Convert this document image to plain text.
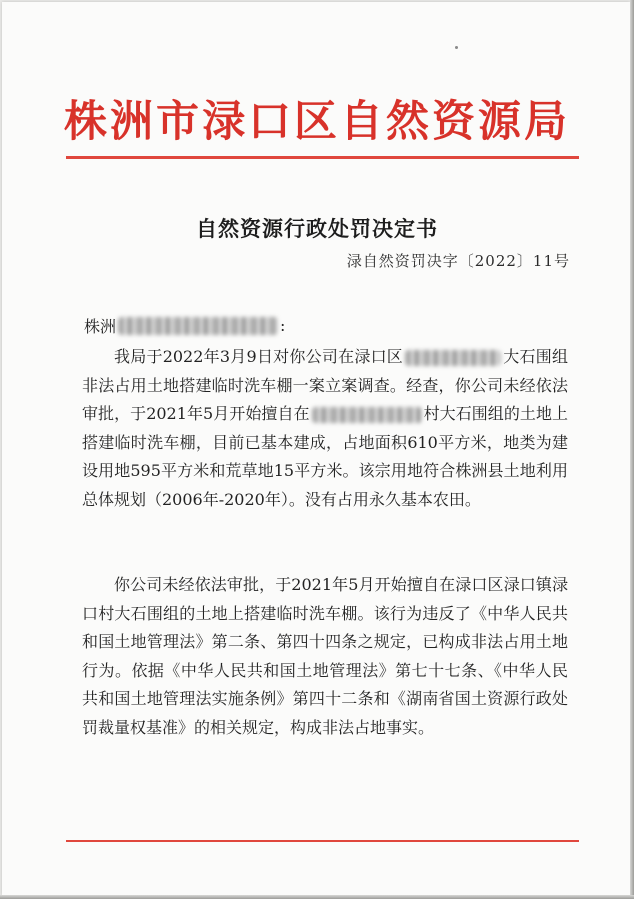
株洲市渌口区自然资源局
自然资源行政处罚决定书
渌自然资罚决字〔2022〕11号
株洲	:

我局于2022年3月9日对你公司在渌口区	大石围组非法占用土地搭建临时洗车棚一案立案调查。经查，你公司未经依法审批，于2021年5月开始擅自在	村大石围组的土地上搭建临时洗车棚，目前已基本建成，占地面积610平方米，地类为建设用地595平方米和荒草地15平方米。该宗用地符合株洲县土地利用总体规划（2006年-2020年）。没有占用永久基本农田。

你公司未经依法审批，于2021年5月开始擅自在渌口区渌口镇渌口村大石围组的土地上搭建临时洗车棚。该行为违反了《中华人民共和国土地管理法》第二条、第四十四条之规定，已构成非法占用土地行为。依据《中华人民共和国土地管理法》第七十七条、《中华人民共和国土地管理法实施条例》第四十二条和《湖南省国土资源行政处罚裁量权基准》的相关规定，构成非法占地事实。
